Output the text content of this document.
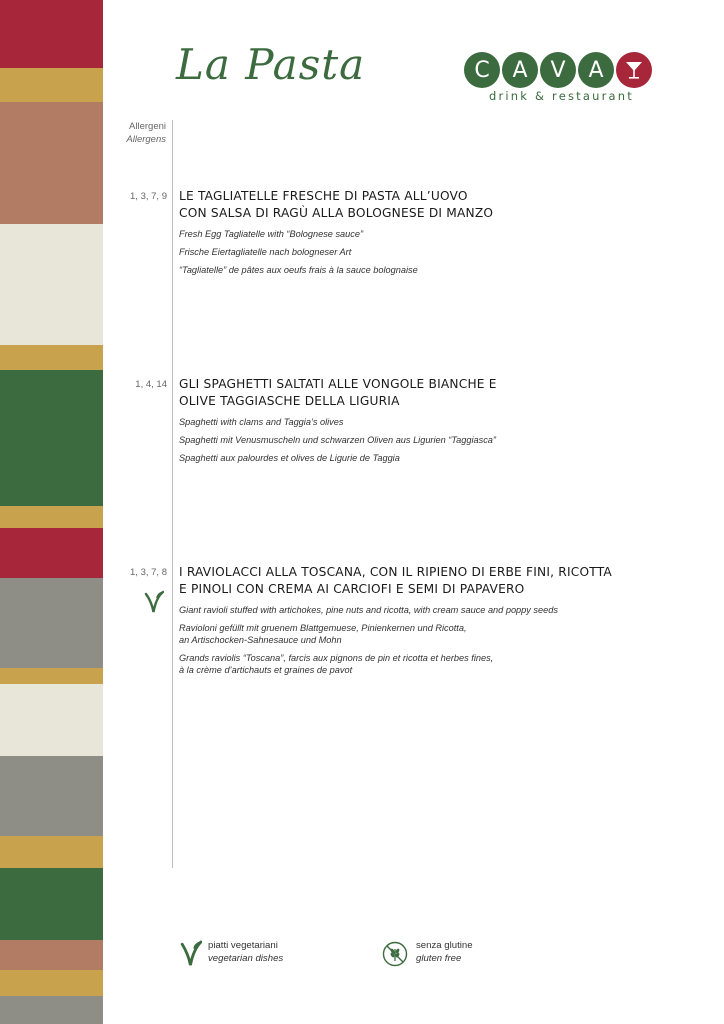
La Pasta	C	A	V	A
drink & restaurant
Allergeni
Allergens
1, 3, 7, 9 LE TAGLIATELLE FRESCHE DI PASTA ALL’UOVO
CON SALSA DI RAGÙ ALLA BOLOGNESE DI MANZO
Fresh Egg Tagliatelle with “Bolognese sauce”
Frische Eiertagliatelle nach bologneser Art
“Tagliatelle” de pâtes aux oeufs frais à la sauce bolognaise
1, 4, 14 GLI SPAGHETTI SALTATI ALLE VONGOLE BIANCHE E
OLIVE TAGGIASCHE DELLA LIGURIA
Spaghetti with clams and Taggia’s olives
Spaghetti mit Venusmuscheln und schwarzen Oliven aus Ligurien “Taggiasca”
Spaghetti aux palourdes et olives de Ligurie de Taggia
1, 3, 7, 8 I RAVIOLACCI ALLA TOSCANA, CON IL RIPIENO DI ERBE FINI, RICOTTA
E PINOLI CON CREMA AI CARCIOFI E SEMI DI PAPAVERO
Giant ravioli stuffed with artichokes, pine nuts and ricotta, with cream sauce and poppy seeds
Ravioloni gefüllt mit gruenem Blattgemuese, Pinienkernen und Ricotta,
an Artischocken-Sahnesauce und Mohn
Grands raviolis “Toscana”, farcis aux pignons de pin et ricotta et herbes fines,
à la crème d’artichauts et graines de pavot
piatti vegetariani
vegetarian dishes
senza glutine
gluten free
